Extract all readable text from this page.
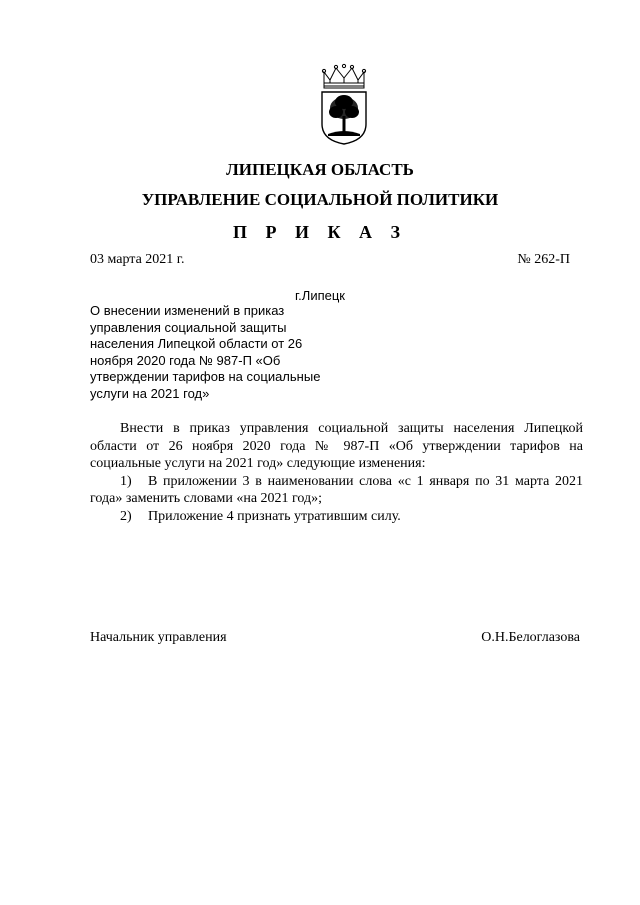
ЛИПЕЦКАЯ ОБЛАСТЬ
УПРАВЛЕНИЕ СОЦИАЛЬНОЙ ПОЛИТИКИ
П Р И К А З
03 марта 2021 г.	№ 262-П
г.Липецк
О внесении изменений в приказ управления социальной защиты населения Липецкой области от 26 ноября 2020 года № 987-П «Об утверждении тарифов на социальные услуги на 2021 год»

Внести в приказ управления социальной защиты населения Липецкой области от 26 ноября 2020 года № 987-П «Об утверждении тарифов на социальные услуги на 2021 год» следующие изменения:

1) В приложении 3 в наименовании слова «с 1 января по 31 марта 2021 года» заменить словами «на 2021 год»;

2) Приложение 4 признать утратившим силу.

Начальник управления	О.Н.Белоглазова
